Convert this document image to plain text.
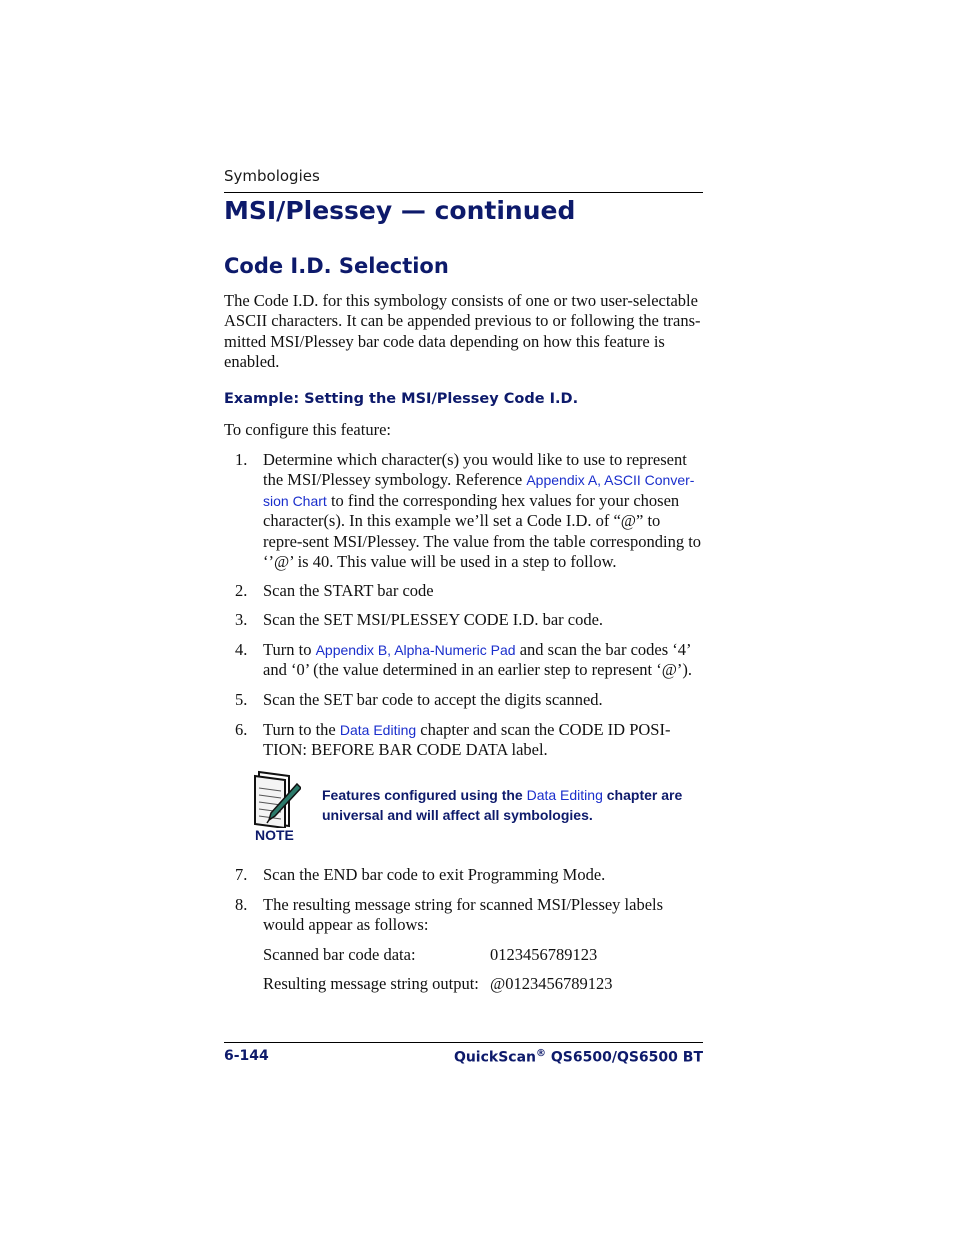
Symbologies
MSI/Plessey — continued
Code I.D. Selection

The Code I.D. for this symbology consists of one or two user-selectable ASCII characters. It can be appended previous to or following the trans-mitted MSI/Plessey bar code data depending on how this feature is enabled.

Example: Setting the MSI/Plessey Code I.D.

To configure this feature:

1. Determine which character(s) you would like to use to represent the MSI/Plessey symbology. Reference Appendix A, ASCII Conver-sion Chart to find the corresponding hex values for your chosen character(s). In this example we’ll set a Code I.D. of “@” to repre-sent MSI/Plessey. The value from the table corresponding to ‘’@’ is 40. This value will be used in a step to follow.
2. Scan the START bar code
3. Scan the SET MSI/PLESSEY CODE I.D. bar code.
4. Turn to Appendix B, Alpha-Numeric Pad and scan the bar codes ‘4’ and ‘0’ (the value determined in an earlier step to represent ‘@’).
5. Scan the SET bar code to accept the digits scanned.
6. Turn to the Data Editing chapter and scan the CODE ID POSI-TION: BEFORE BAR CODE DATA label.
NOTE
Features configured using the Data Editing chapter are universal and will affect all symbologies.
7. Scan the END bar code to exit Programming Mode.
8. The resulting message string for scanned MSI/Plessey labels would appear as follows:
Scanned bar code data:	0123456789123
Resulting message string output: @0123456789123
6-144	QuickScan® QS6500/QS6500 BT
